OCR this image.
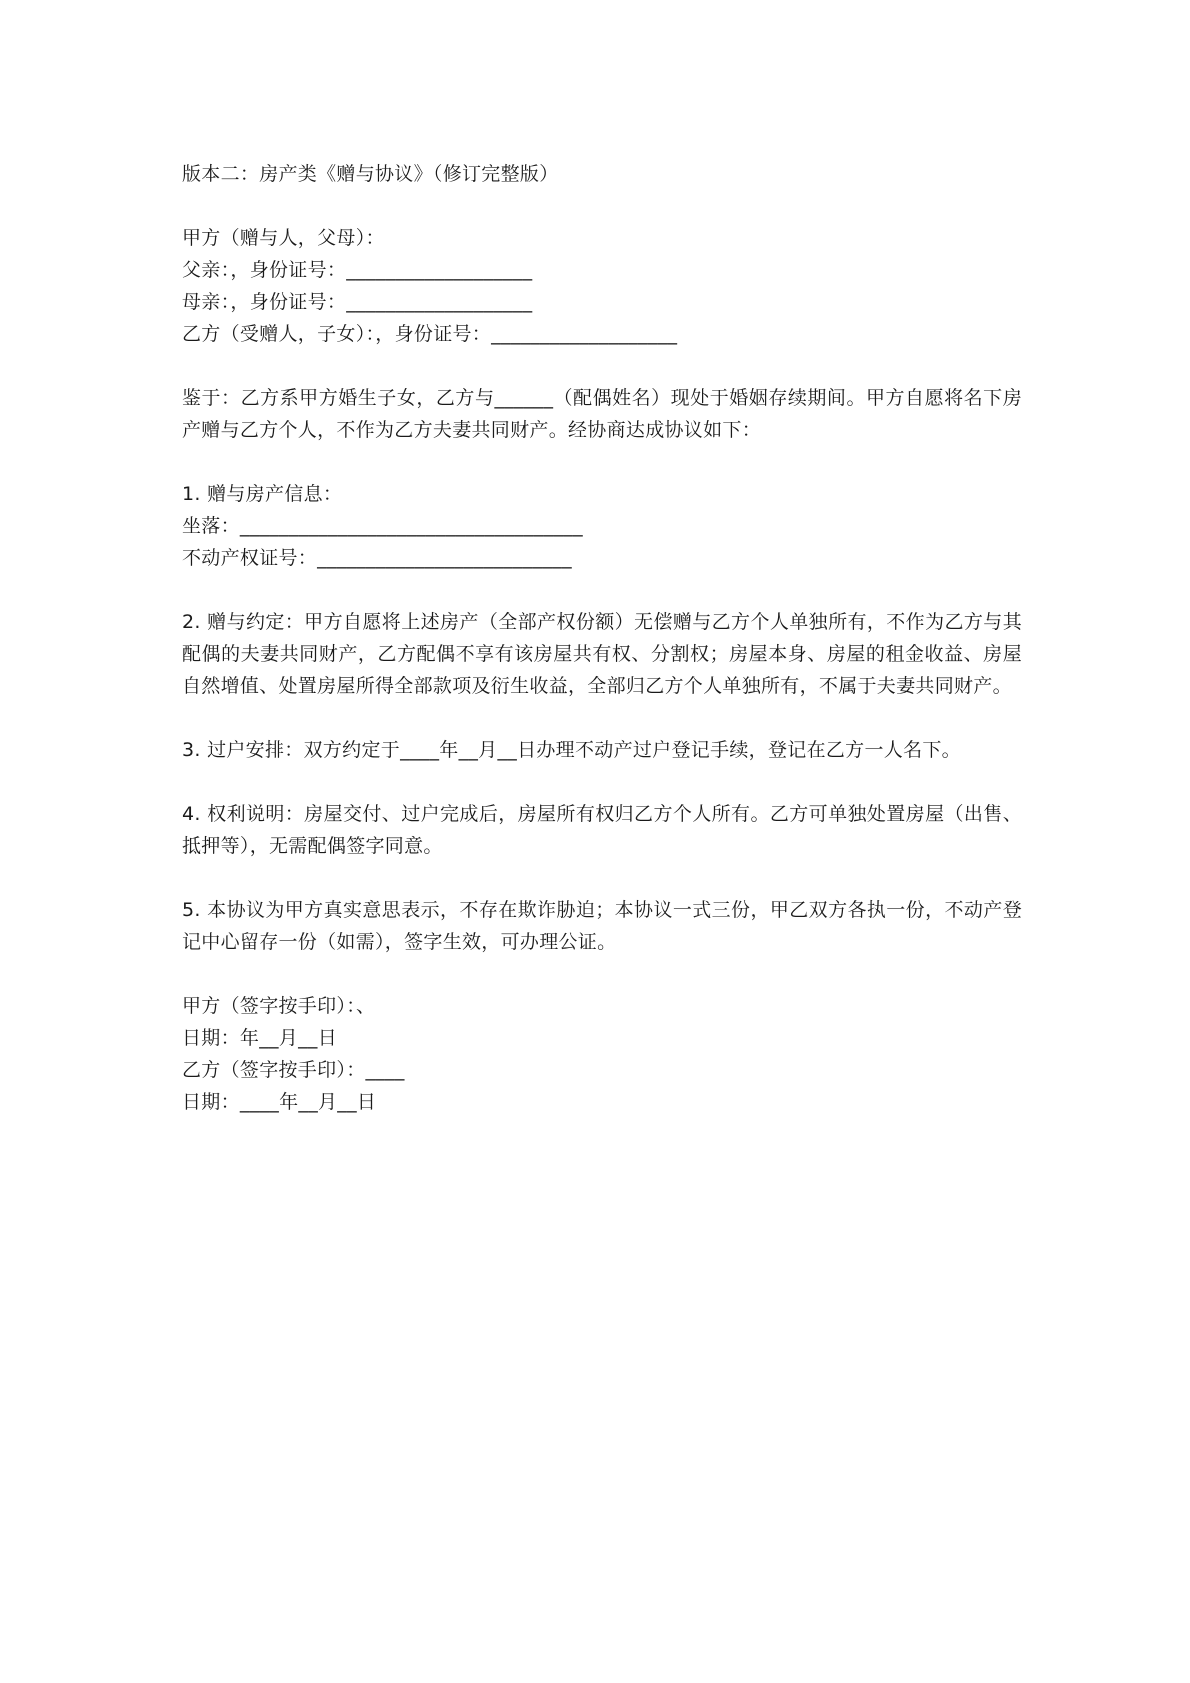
版本二：房产类《赠与协议》（修订完整版）
甲方（赠与人，父母）：
父亲：，身份证号：___________________
母亲：，身份证号：___________________
乙方（受赠人，子女）：，身份证号：___________________
鉴于：乙方系甲方婚生子女，乙方与______（配偶姓名）现处于婚姻存续期间。甲方自愿将名下房产赠与乙方个人，不作为乙方夫妻共同财产。经协商达成协议如下：
1. 赠与房产信息：
坐落：___________________________________
不动产权证号：__________________________
2. 赠与约定：甲方自愿将上述房产（全部产权份额）无偿赠与乙方个人单独所有，不作为乙方与其配偶的夫妻共同财产，乙方配偶不享有该房屋共有权、分割权；房屋本身、房屋的租金收益、房屋自然增值、处置房屋所得全部款项及衍生收益，全部归乙方个人单独所有，不属于夫妻共同财产。
3. 过户安排：双方约定于____年__月__日办理不动产过户登记手续，登记在乙方一人名下。
4. 权利说明：房屋交付、过户完成后，房屋所有权归乙方个人所有。乙方可单独处置房屋（出售、抵押等），无需配偶签字同意。
5. 本协议为甲方真实意思表示，不存在欺诈胁迫；本协议一式三份，甲乙双方各执一份，不动产登记中心留存一份（如需），签字生效，可办理公证。
甲方（签字按手印）：、
日期：年__月__日
乙方（签字按手印）：____
日期：____年__月__日
